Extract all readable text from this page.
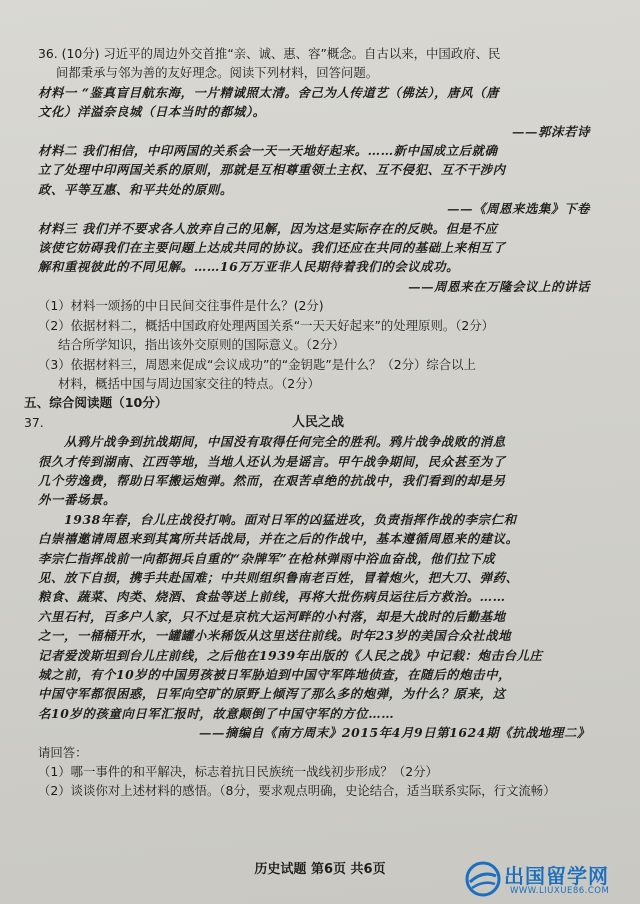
36. (10分) 习近平的周边外交首推“亲、诚、惠、容”概念。自古以来，中国政府、民

间都秉承与邻为善的友好理念。阅读下列材料，回答问题。

材料一 “鉴真盲目航东海，一片精诚照太清。舍己为人传道艺（佛法），唐风（唐

文化）洋溢奈良城（日本当时的都城）。

——郭沫若诗

材料二 我们相信，中印两国的关系会一天一天地好起来。……新中国成立后就确

立了处理中印两国关系的原则，那就是互相尊重领土主权、互不侵犯、互不干涉内

政、平等互惠、和平共处的原则。

——《周恩来选集》下卷

材料三 我们并不要求各人放弃自己的见解，因为这是实际存在的反映。但是不应

该使它妨碍我们在主要问题上达成共同的协议。我们还应在共同的基础上来相互了

解和重视彼此的不同见解。……16万万亚非人民期待着我们的会议成功。

——周恩来在万隆会议上的讲话

（1）材料一颂扬的中日民间交往事件是什么？(2分)

（2）依据材料二，概括中国政府处理两国关系“一天天好起来”的处理原则。（2分）

结合所学知识，指出该外交原则的国际意义。（2分）

（3）依据材料三，周恩来促成“会议成功”的“金钥匙”是什么？（2分）综合以上

材料，概括中国与周边国家交往的特点。（2分）

五、综合阅读题（10分）

37.	人民之战

从鸦片战争到抗战期间，中国没有取得任何完全的胜利。鸦片战争战败的消息

很久才传到湖南、江西等地，当地人还认为是谣言。甲午战争期间，民众甚至为了

几个劳逸费，帮助日军搬运炮弹。然而，在艰苦卓绝的抗战中，我们看到的却是另

外一番场景。

1938年春，台儿庄战役打响。面对日军的凶猛进攻，负责指挥作战的李宗仁和

白崇禧邀请周恩来到其寓所共话战局，并在之后的作战中，基本遵循周恩来的建议。

李宗仁指挥战前一向都拥兵自重的“杂牌军”在枪林弹雨中浴血奋战，他们拉下成

见、放下自损，携手共赴国难；中共则组织鲁南老百姓，冒着炮火，把大刀、弹药、

粮食、蔬菜、肉类、烧酒、食盐等送上前线，再将大批伤病员运往后方救治。……

六里石村，百多户人家，只不过是京杭大运河畔的小村落，却是大战时的后勤基地

之一，一桶桶开水，一罐罐小米稀饭从这里送往前线。时年23岁的美国合众社战地

记者爱泼斯坦到台儿庄前线，之后他在1939年出版的《人民之战》中记载：炮击台儿庄

城之前，有个10岁的中国男孩被日军胁迫到中国守军阵地侦查，在随后的炮击中，

中国守军都很困惑，日军向空旷的原野上倾泻了那么多的炮弹，为什么？原来，这

名10岁的孩童向日军汇报时，故意颠倒了中国守军的方位……

——摘编自《南方周末》2015年4月9日第1624期《抗战地理二》

请回答：

（1）哪一事件的和平解决，标志着抗日民族统一战线初步形成？（2分）

（2）谈谈你对上述材料的感悟。（8分，要求观点明确，史论结合，适当联系实际，行文流畅）

历史试题 第6页 共6页	出国留学网
WWW.LIUXUE86.COM
